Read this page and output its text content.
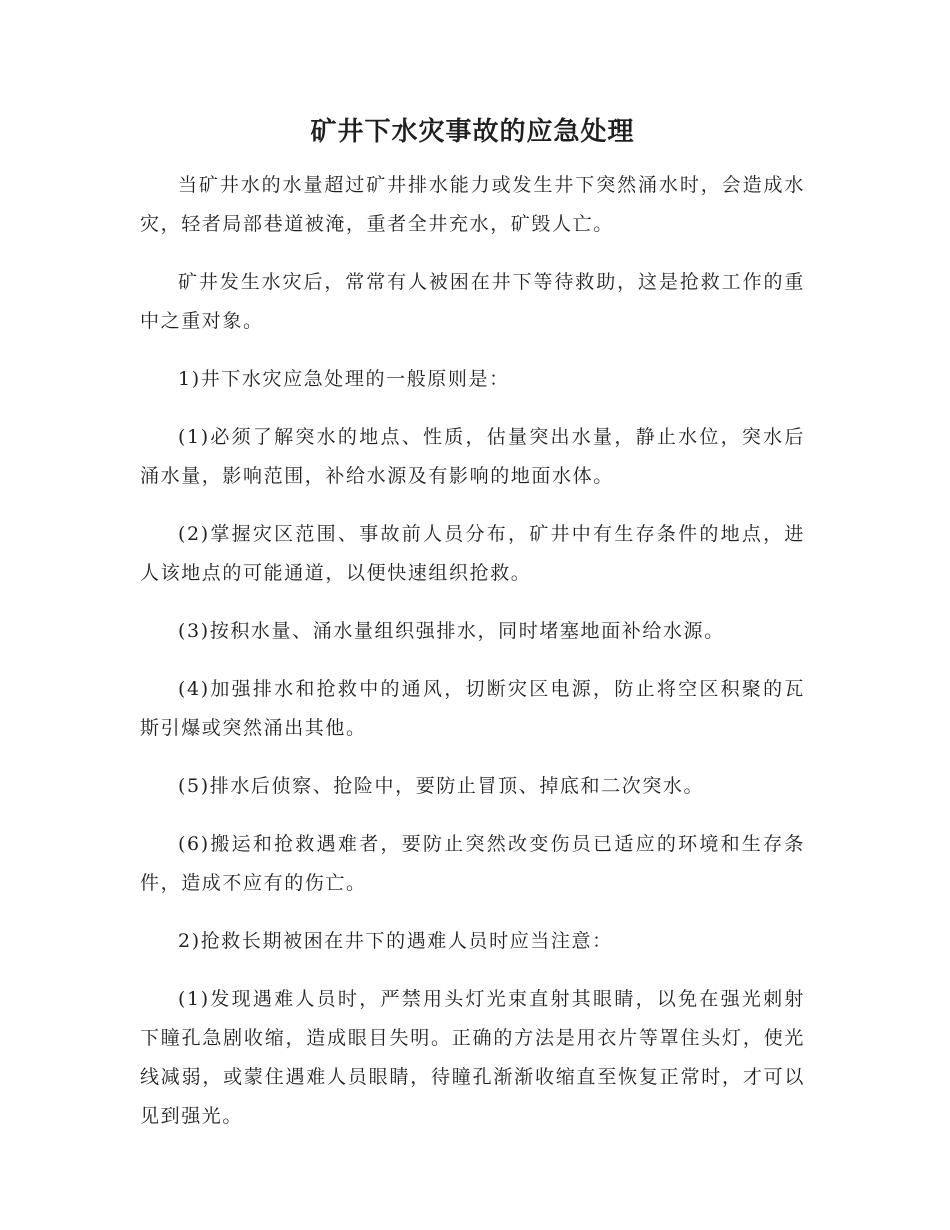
矿井下水灾事故的应急处理

当矿井水的水量超过矿井排水能力或发生井下突然涌水时，会造成水灾，轻者局部巷道被淹，重者全井充水，矿毁人亡。

矿井发生水灾后，常常有人被困在井下等待救助，这是抢救工作的重中之重对象。

1)井下水灾应急处理的一般原则是：

(1)必须了解突水的地点、性质，估量突出水量，静止水位，突水后涌水量，影响范围，补给水源及有影响的地面水体。

(2)掌握灾区范围、事故前人员分布，矿井中有生存条件的地点，进人该地点的可能通道，以便快速组织抢救。

(3)按积水量、涌水量组织强排水，同时堵塞地面补给水源。

(4)加强排水和抢救中的通风，切断灾区电源，防止将空区积聚的瓦斯引爆或突然涌出其他。

(5)排水后侦察、抢险中，要防止冒顶、掉底和二次突水。

(6)搬运和抢救遇难者，要防止突然改变伤员已适应的环境和生存条件，造成不应有的伤亡。

2)抢救长期被困在井下的遇难人员时应当注意：

(1)发现遇难人员时，严禁用头灯光束直射其眼睛，以免在强光刺射下瞳孔急剧收缩，造成眼目失明。正确的方法是用衣片等罩住头灯，使光线减弱，或蒙住遇难人员眼睛，待瞳孔渐渐收缩直至恢复正常时，才可以见到强光。
